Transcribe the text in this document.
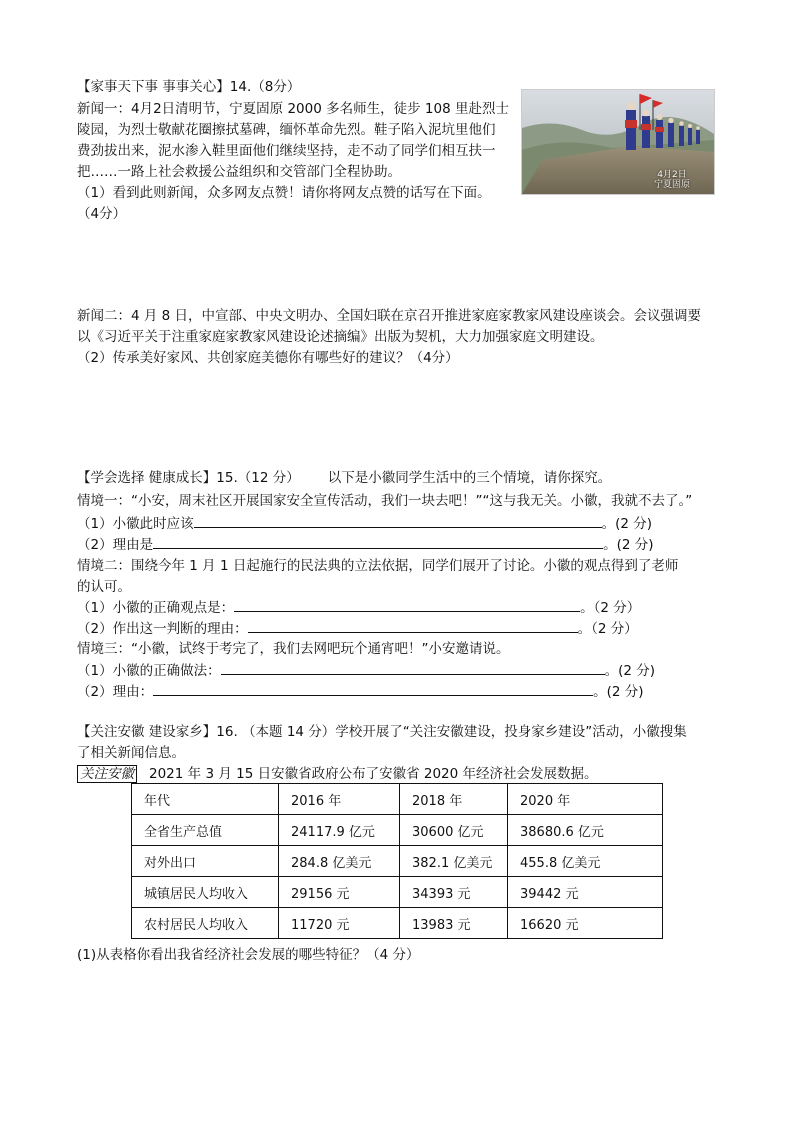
【家事天下事 事事关心】14.（8分）
新闻一：4月2日清明节，宁夏固原 2000 多名师生，徒步 108 里赴烈士
陵园，为烈士敬献花圈擦拭墓碑，缅怀革命先烈。鞋子陷入泥坑里他们
费劲拔出来，泥水渗入鞋里面他们继续坚持，走不动了同学们相互扶一
把……一路上社会救援公益组织和交管部门全程协助。
（1）看到此则新闻，众多网友点赞！请你将网友点赞的话写在下面。
（4分）
4月2日
宁夏固原
新闻二：4 月 8 日，中宣部、中央文明办、全国妇联在京召开推进家庭家教家风建设座谈会。会议强调要
以《习近平关于注重家庭家教家风建设论述摘编》出版为契机，大力加强家庭文明建设。
（2）传承美好家风、共创家庭美德你有哪些好的建议？（4分）
【学会选择 健康成长】15.（12 分） 以下是小徽同学生活中的三个情境，请你探究。
情境一：“小安，周末社区开展国家安全宣传活动，我们一块去吧！”“这与我无关。小徽，我就不去了。”
（1）小徽此时应该	。(2 分)
（2）理由是	。(2 分)
情境二：围绕今年 1 月 1 日起施行的民法典的立法依据，同学们展开了讨论。小徽的观点得到了老师
的认可。
（1）小徽的正确观点是：	。（2 分）
（2）作出这一判断的理由：	。（2 分）
情境三：“小徽，试终于考完了，我们去网吧玩个通宵吧！”小安邀请说。
（1）小徽的正确做法：	。(2 分)
（2）理由：	。(2 分)
【关注安徽 建设家乡】16. （本题 14 分）学校开展了“关注安徽建设，投身家乡建设”活动，小徽搜集
了相关新闻信息。
关注安徽 2021 年 3 月 15 日安徽省政府公布了安徽省 2020 年经济社会发展数据。
年代	2016 年	2018 年	2020 年
全省生产总值	24117.9 亿元	30600 亿元	38680.6 亿元
对外出口	284.8 亿美元	382.1 亿美元	455.8 亿美元
城镇居民人均收入	29156 元	34393 元	39442 元
农村居民人均收入	11720 元	13983 元	16620 元
(1)从表格你看出我省经济社会发展的哪些特征？（4 分）
